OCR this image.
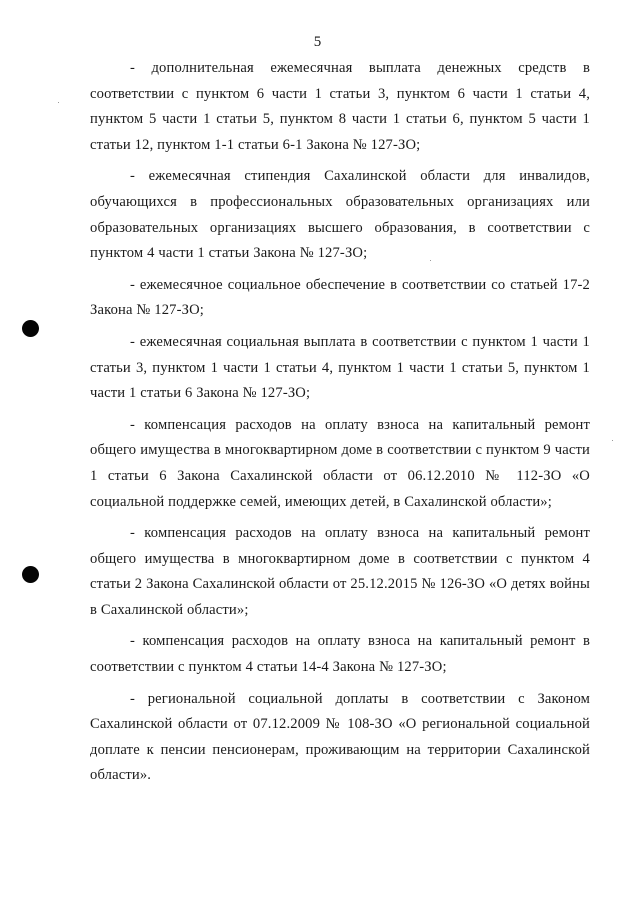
5

- дополнительная ежемесячная выплата денежных средств в соответствии с пунктом 6 части 1 статьи 3, пунктом 6 части 1 статьи 4, пунктом 5 части 1 статьи 5, пунктом 8 части 1 статьи 6, пунктом 5 части 1 статьи 12, пунктом 1-1 статьи 6-1 Закона № 127-ЗО;

- ежемесячная стипендия Сахалинской области для инвалидов, обучающихся в профессиональных образовательных организациях или образовательных организациях высшего образования, в соответствии с пунктом 4 части 1 статьи Закона № 127-ЗО;

- ежемесячное социальное обеспечение в соответствии со статьей 17-2 Закона № 127-ЗО;

- ежемесячная социальная выплата в соответствии с пунктом 1 части 1 статьи 3, пунктом 1 части 1 статьи 4, пунктом 1 части 1 статьи 5, пунктом 1 части 1 статьи 6 Закона № 127-ЗО;

- компенсация расходов на оплату взноса на капитальный ремонт общего имущества в многоквартирном доме в соответствии с пунктом 9 части 1 статьи 6 Закона Сахалинской области от 06.12.2010 № 112-ЗО «О социальной поддержке семей, имеющих детей, в Сахалинской области»;

- компенсация расходов на оплату взноса на капитальный ремонт общего имущества в многоквартирном доме в соответствии с пунктом 4 статьи 2 Закона Сахалинской области от 25.12.2015 № 126-ЗО «О детях войны в Сахалинской области»;

- компенсация расходов на оплату взноса на капитальный ремонт в соответствии с пунктом 4 статьи 14-4 Закона № 127-ЗО;

- региональной социальной доплаты в соответствии с Законом Сахалинской области от 07.12.2009 № 108-ЗО «О региональной социальной доплате к пенсии пенсионерам, проживающим на территории Сахалинской области».
